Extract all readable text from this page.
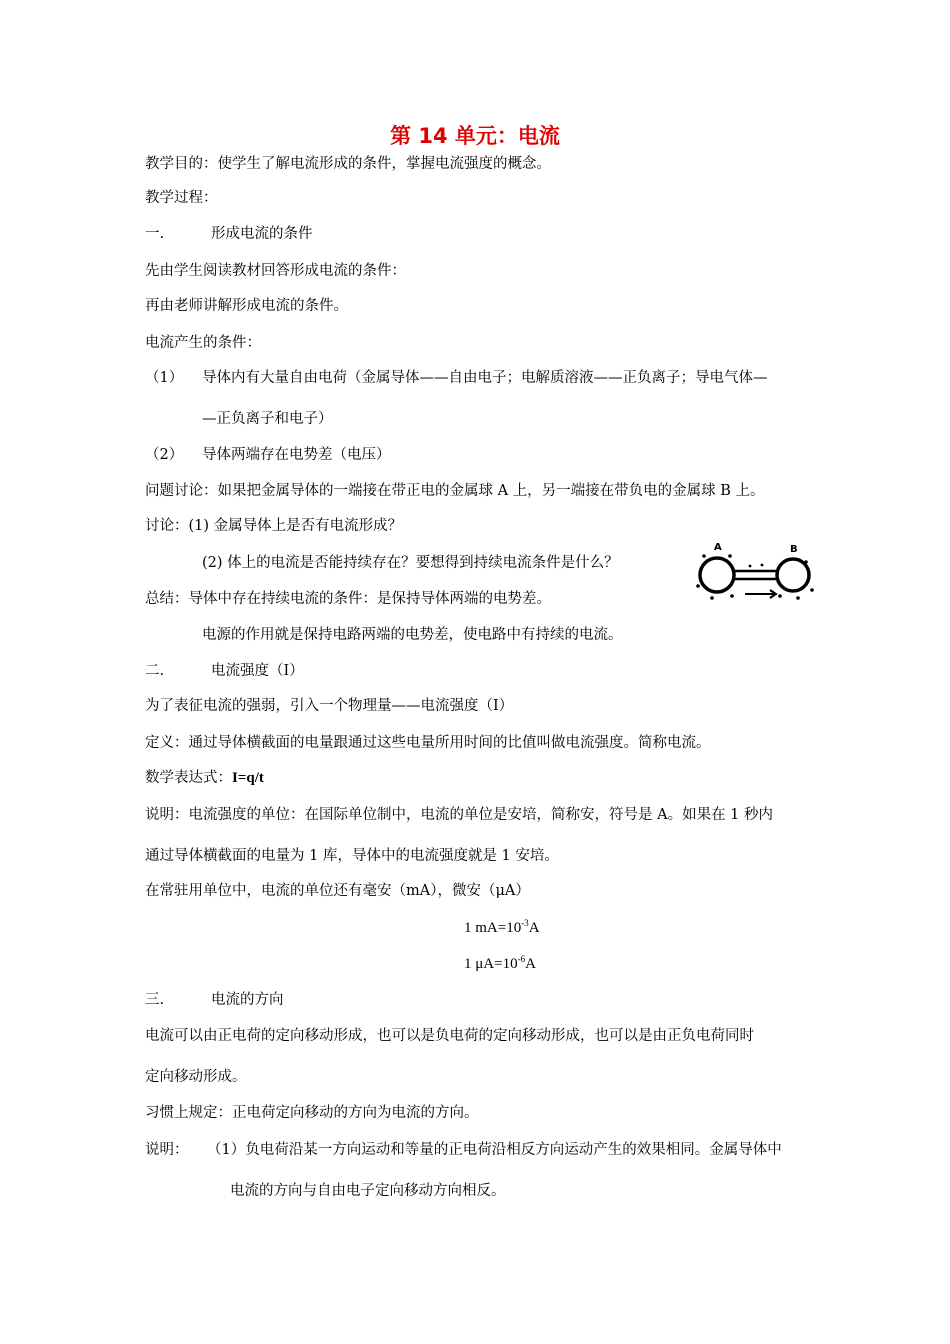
第 14 单元：电流
教学目的：使学生了解电流形成的条件，掌握电流强度的概念。
教学过程：
一.	形成电流的条件
先由学生阅读教材回答形成电流的条件：
再由老师讲解形成电流的条件。
电流产生的条件：
（1） 导体内有大量自由电荷（金属导体——自由电子；电解质溶液——正负离子；导电气体—
—正负离子和电子）
（2） 导体两端存在电势差（电压）
问题讨论：如果把金属导体的一端接在带正电的金属球 A 上，另一端接在带负电的金属球 B 上。
讨论：(1) 金属导体上是否有电流形成？
(2) 体上的电流是否能持续存在？要想得到持续电流条件是什么？
总结：导体中存在持续电流的条件：是保持导体两端的电势差。
电源的作用就是保持电路两端的电势差，使电路中有持续的电流。
二.	电流强度（I）
为了表征电流的强弱，引入一个物理量——电流强度（I）
定义：通过导体横截面的电量跟通过这些电量所用时间的比值叫做电流强度。简称电流。
数学表达式：I=q/t
说明：电流强度的单位：在国际单位制中，电流的单位是安培，简称安，符号是 A。如果在 1 秒内
通过导体横截面的电量为 1 库，导体中的电流强度就是 1 安培。
在常驻用单位中，电流的单位还有毫安（mA），微安（μA）
1 $mA=10^{-3}A$
1 $\mu A=10^{-6}A$
三.	电流的方向
电流可以由正电荷的定向移动形成，也可以是负电荷的定向移动形成，也可以是由正负电荷同时
定向移动形成。
习惯上规定：正电荷定向移动的方向为电流的方向。
说明： （1）负电荷沿某一方向运动和等量的正电荷沿相反方向运动产生的效果相同。金属导体中
电流的方向与自由电子定向移动方向相反。
A	B
